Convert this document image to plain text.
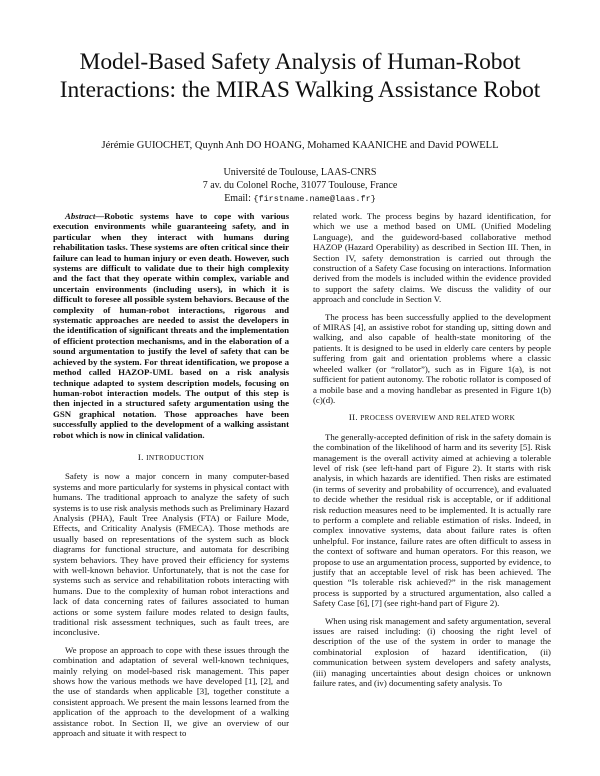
Model-Based Safety Analysis of Human-Robot
Interactions: the MIRAS Walking Assistance Robot
Jérémie GUIOCHET, Quynh Anh DO HOANG, Mohamed KAANICHE and David POWELL
Université de Toulouse, LAAS-CNRS
7 av. du Colonel Roche, 31077 Toulouse, France
Email: {firstname.name@laas.fr}

Abstract—Robotic systems have to cope with various execution environments while guaranteeing safety, and in particular when they interact with humans during rehabilitation tasks. These systems are often critical since their failure can lead to human injury or even death. However, such systems are difficult to validate due to their high complexity and the fact that they operate within complex, variable and uncertain environments (including users), in which it is difficult to foresee all possible system behaviors. Because of the complexity of human-robot interactions, rigorous and systematic approaches are needed to assist the developers in the identification of significant threats and the implementation of efficient protection mechanisms, and in the elaboration of a sound argumentation to justify the level of safety that can be achieved by the system. For threat identification, we propose a method called HAZOP-UML based on a risk analysis technique adapted to system description models, focusing on human-robot interaction models. The output of this step is then injected in a structured safety argumentation using the GSN graphical notation. Those approaches have been successfully applied to the development of a walking assistant robot which is now in clinical validation.

I. INTRODUCTION

Safety is now a major concern in many computer-based systems and more particularly for systems in physical contact with humans. The traditional approach to analyze the safety of such systems is to use risk analysis methods such as Preliminary Hazard Analysis (PHA), Fault Tree Analysis (FTA) or Failure Mode, Effects, and Criticality Analysis (FMECA). Those methods are usually based on representations of the system such as block diagrams for functional structure, and automata for describing system behaviors. They have proved their efficiency for systems with well-known behavior. Unfortunately, that is not the case for systems such as service and rehabilitation robots interacting with humans. Due to the complexity of human robot interactions and lack of data concerning rates of failures associated to human actions or some system failure modes related to design faults, traditional risk assessment techniques, such as fault trees, are inconclusive.

We propose an approach to cope with these issues through the combination and adaptation of several well-known techniques, mainly relying on model-based risk management. This paper shows how the various methods we have developed [1], [2], and the use of standards when applicable [3], together constitute a consistent approach. We present the main lessons learned from the application of the approach to the development of a walking assistance robot. In Section II, we give an overview of our approach and situate it with respect to

related work. The process begins by hazard identification, for which we use a method based on UML (Unified Modeling Language), and the guideword-based collaborative method HAZOP (Hazard Operability) as described in Section III. Then, in Section IV, safety demonstration is carried out through the construction of a Safety Case focusing on interactions. Information derived from the models is included within the evidence provided to support the safety claims. We discuss the validity of our approach and conclude in Section V.

The process has been successfully applied to the development of MIRAS [4], an assistive robot for standing up, sitting down and walking, and also capable of health-state monitoring of the patients. It is designed to be used in elderly care centers by people suffering from gait and orientation problems where a classic wheeled walker (or “rollator”), such as in Figure 1(a), is not sufficient for patient autonomy. The robotic rollator is composed of a mobile base and a moving handlebar as presented in Figure 1(b)(c)(d).

II. PROCESS OVERVIEW AND RELATED WORK

The generally-accepted definition of risk in the safety domain is the combination of the likelihood of harm and its severity [5]. Risk management is the overall activity aimed at achieving a tolerable level of risk (see left-hand part of Figure 2). It starts with risk analysis, in which hazards are identified. Then risks are estimated (in terms of severity and probability of occurrence), and evaluated to decide whether the residual risk is acceptable, or if additional risk reduction measures need to be implemented. It is actually rare to perform a complete and reliable estimation of risks. Indeed, in complex innovative systems, data about failure rates is often unhelpful. For instance, failure rates are often difficult to assess in the context of software and human operators. For this reason, we propose to use an argumentation process, supported by evidence, to justify that an acceptable level of risk has been achieved. The question “Is tolerable risk achieved?” in the risk management process is supported by a structured argumentation, also called a Safety Case [6], [7] (see right-hand part of Figure 2).

When using risk management and safety argumentation, several issues are raised including: (i) choosing the right level of description of the use of the system in order to manage the combinatorial explosion of hazard identification, (ii) communication between system developers and safety analysts, (iii) managing uncertainties about design choices or unknown failure rates, and (iv) documenting safety analysis. To
